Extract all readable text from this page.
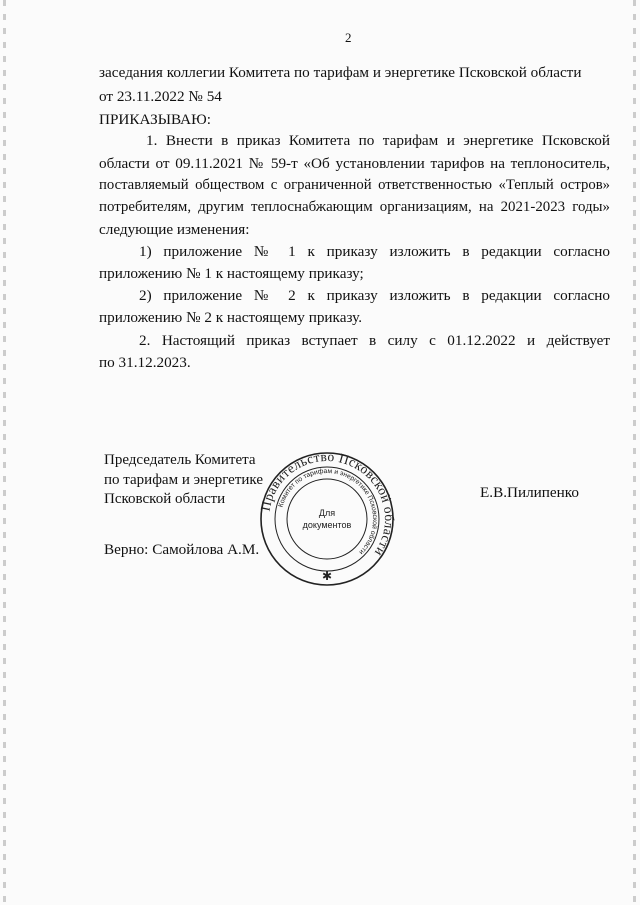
2
заседания коллегии Комитета по тарифам и энергетике Псковской области
от 23.11.2022 № 54
ПРИКАЗЫВАЮ:
1. Внести в приказ Комитета по тарифам и энергетике Псковской
области от 09.11.2021 № 59-т «Об установлении тарифов на теплоноситель,
поставляемый обществом с ограниченной ответственностью «Теплый остров»
потребителям, другим теплоснабжающим организациям, на 2021-2023 годы»
следующие изменения:
1) приложение № 1 к приказу изложить в редакции согласно
приложению № 1 к настоящему приказу;
2) приложение № 2 к приказу изложить в редакции согласно
приложению № 2 к настоящему приказу.
2. Настоящий приказ вступает в силу с 01.12.2022 и действует
по 31.12.2023.
Председатель Комитета
по тарифам и энергетике
Псковской области	Е.В.Пилипенко
Верно: Самойлова А.М.
Правительство Псковской области
Комитет по тарифам и энергетике Псковской области
Для
документов
✱
